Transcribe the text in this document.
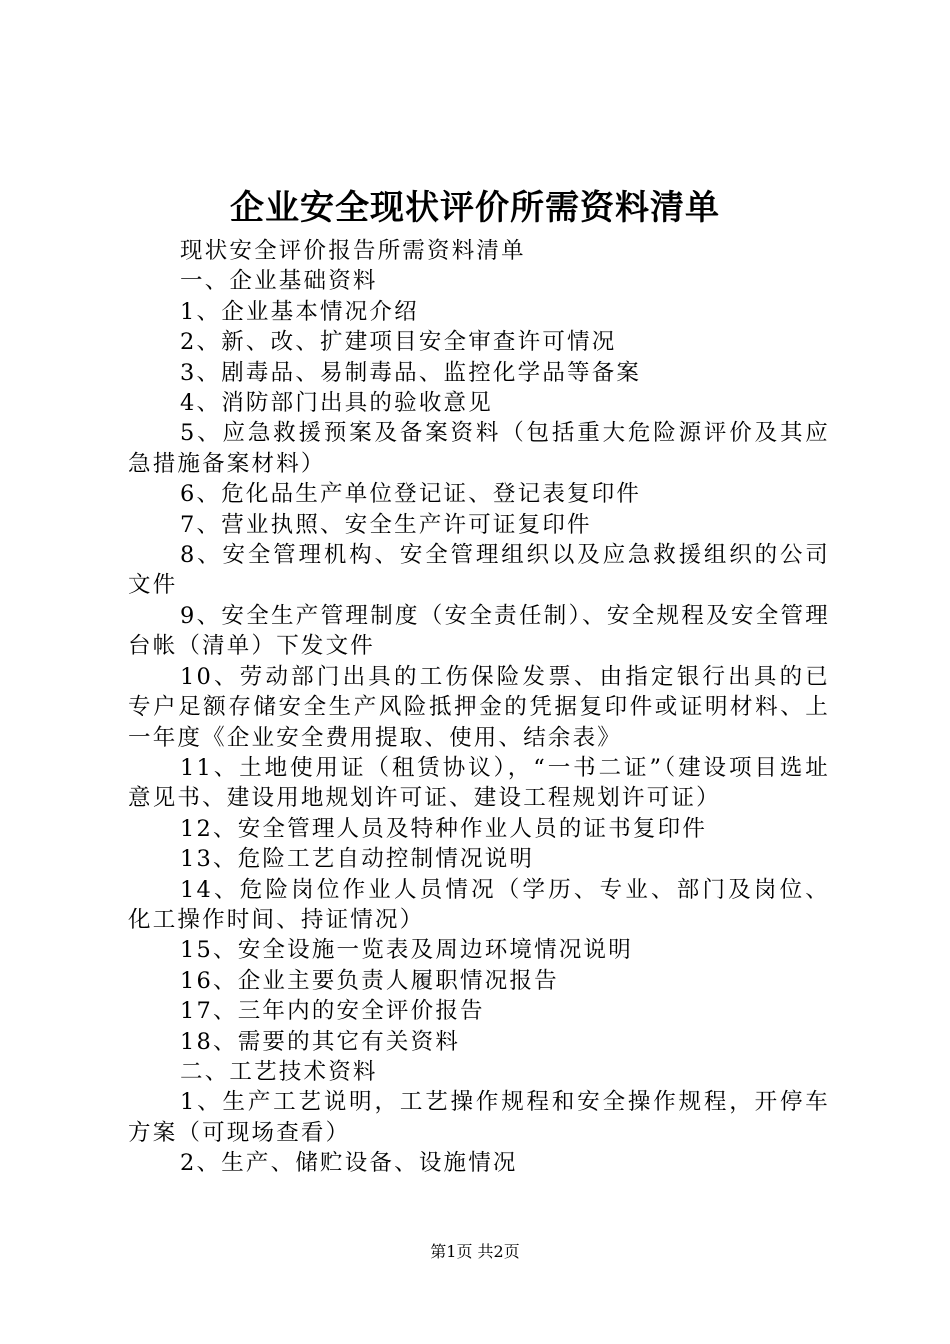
企业安全现状评价所需资料清单

现状安全评价报告所需资料清单

一、企业基础资料

1、企业基本情况介绍

2、新、改、扩建项目安全审查许可情况

3、剧毒品、易制毒品、监控化学品等备案

4、消防部门出具的验收意见

5、应急救援预案及备案资料（包括重大危险源评价及其应急措施备案材料）

6、危化品生产单位登记证、登记表复印件

7、营业执照、安全生产许可证复印件

8、安全管理机构、安全管理组织以及应急救援组织的公司文件

9、安全生产管理制度（安全责任制）、安全规程及安全管理台帐（清单）下发文件

10、劳动部门出具的工伤保险发票、由指定银行出具的已专户足额存储安全生产风险抵押金的凭据复印件或证明材料、上一年度《企业安全费用提取、使用、结余表》

11、土地使用证（租赁协议），“一书二证”（建设项目选址意见书、建设用地规划许可证、建设工程规划许可证）

12、安全管理人员及特种作业人员的证书复印件

13、危险工艺自动控制情况说明

14、危险岗位作业人员情况（学历、专业、部门及岗位、化工操作时间、持证情况）

15、安全设施一览表及周边环境情况说明

16、企业主要负责人履职情况报告

17、三年内的安全评价报告

18、需要的其它有关资料

二、工艺技术资料

1、生产工艺说明，工艺操作规程和安全操作规程，开停车方案（可现场查看）

2、生产、储贮设备、设施情况

第1页 共2页
